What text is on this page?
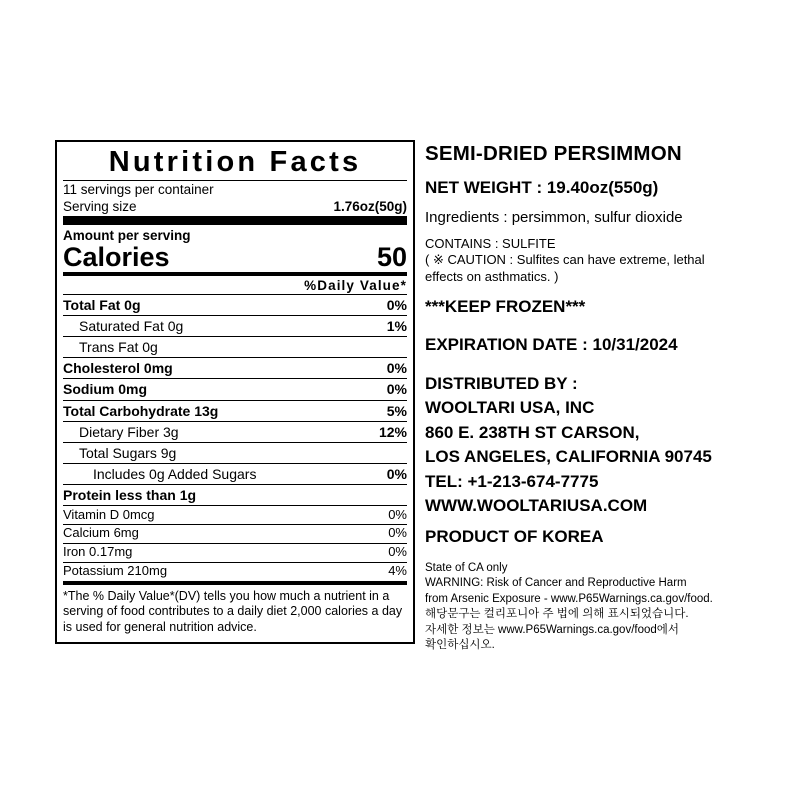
Nutrition Facts
11 servings per container
Serving size	1.76oz(50g)
Amount per serving
Calories	50
%Daily Value*
Total Fat 0g	0%
Saturated Fat 0g	1%
Trans Fat 0g
Cholesterol 0mg	0%
Sodium 0mg	0%
Total Carbohydrate 13g	5%
Dietary Fiber 3g	12%
Total Sugars 9g
Includes 0g Added Sugars	0%
Protein less than 1g
Vitamin D 0mcg	0%
Calcium 6mg	0%
Iron 0.17mg	0%
Potassium 210mg	4%
*The % Daily Value*(DV) tells you how much a nutrient in a serving of food contributes to a daily diet 2,000 calories a day is used for general nutrition advice.
SEMI-DRIED PERSIMMON
NET WEIGHT : 19.40oz(550g)
Ingredients : persimmon, sulfur dioxide
CONTAINS : SULFITE
( ※ CAUTION : Sulfites can have extreme, lethal
effects on asthmatics. )
***KEEP FROZEN***
EXPIRATION DATE : 10/31/2024
DISTRIBUTED BY :
WOOLTARI USA, INC
860 E. 238TH ST CARSON,
LOS ANGELES, CALIFORNIA 90745
TEL: +1-213-674-7775
WWW.WOOLTARIUSA.COM
PRODUCT OF KOREA
State of CA only
WARNING: Risk of Cancer and Reproductive Harm
from Arsenic Exposure - www.P65Warnings.ca.gov/food.
해당문구는 컬리포니아 주 법에 의해 표시되었습니다.
자세한 정보는 www.P65Warnings.ca.gov/food에서
확인하십시오.
